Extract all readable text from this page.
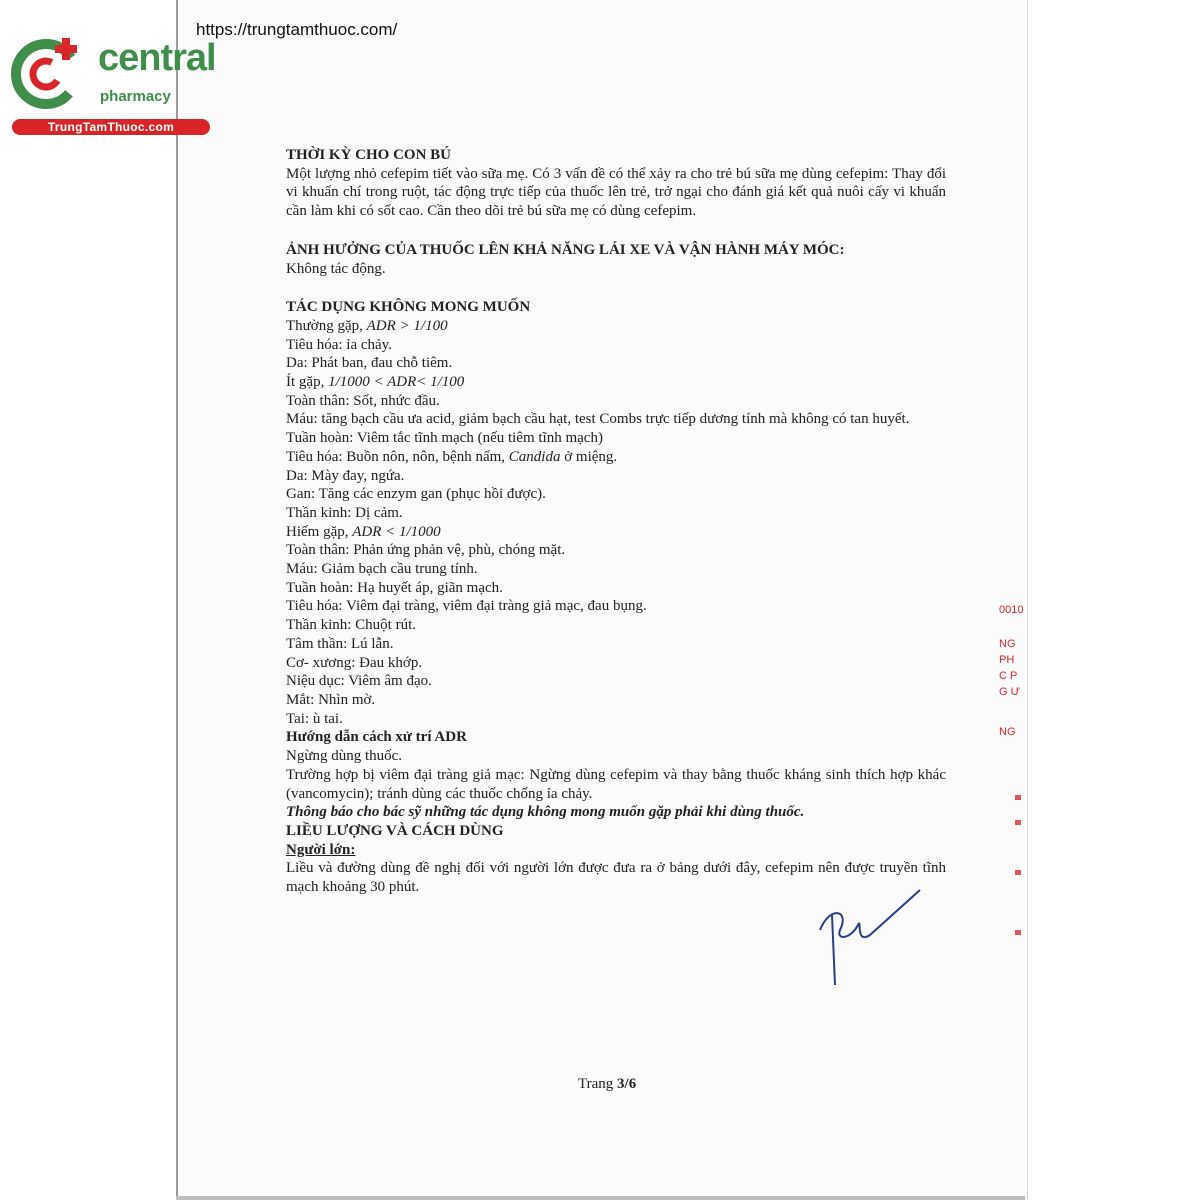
https://trungtamthuoc.com/
central
pharmacy
TrungTamThuoc.com

THỜI KỲ CHO CON BÚ

Một lượng nhỏ cefepim tiết vào sữa mẹ. Có 3 vấn đề có thể xảy ra cho trẻ bú sữa mẹ dùng cefepim: Thay đổi vi khuẩn chí trong ruột, tác động trực tiếp của thuốc lên trẻ, trở ngại cho đánh giá kết quả nuôi cấy vi khuẩn cần làm khi có sốt cao. Cần theo dõi trẻ bú sữa mẹ có dùng cefepim.

ẢNH HƯỞNG CỦA THUỐC LÊN KHẢ NĂNG LÁI XE VÀ VẬN HÀNH MÁY MÓC:

Không tác động.

TÁC DỤNG KHÔNG MONG MUỐN

Thường gặp, ADR > 1/100

Tiêu hóa: ỉa chảy.

Da: Phát ban, đau chỗ tiêm.

Ít gặp, 1/1000 < ADR< 1/100

Toàn thân: Sốt, nhức đầu.

Máu: tăng bạch cầu ưa acid, giảm bạch cầu hạt, test Combs trực tiếp dương tính mà không có tan huyết.

Tuần hoàn: Viêm tắc tĩnh mạch (nếu tiêm tĩnh mạch)

Tiêu hóa: Buồn nôn, nôn, bệnh nấm, Candida ở miệng.

Da: Mày đay, ngứa.

Gan: Tăng các enzym gan (phục hồi được).

Thần kinh: Dị cảm.

Hiếm gặp, ADR < 1/1000

Toàn thân: Phản ứng phản vệ, phù, chóng mặt.

Máu: Giảm bạch cầu trung tính.

Tuần hoàn: Hạ huyết áp, giãn mạch.

Tiêu hóa: Viêm đại tràng, viêm đại tràng giả mạc, đau bụng.

Thần kinh: Chuột rút.

Tâm thần: Lú lẫn.

Cơ- xương: Đau khớp.

Niệu dục: Viêm âm đạo.

Mắt: Nhìn mờ.

Tai: ù tai.

Hướng dẫn cách xử trí ADR

Ngừng dùng thuốc.

Trường hợp bị viêm đại tràng giả mạc: Ngừng dùng cefepim và thay bằng thuốc kháng sinh thích hợp khác (vancomycin); tránh dùng các thuốc chống ỉa chảy.

Thông báo cho bác sỹ những tác dụng không mong muốn gặp phải khi dùng thuốc.

LIỀU LƯỢNG VÀ CÁCH DÙNG

Người lớn:

Liều và đường dùng đề nghị đối với người lớn được đưa ra ở bảng dưới đây, cefepim nên được truyền tĩnh mạch khoảng 30 phút.

0010
NG
PH
C P
G Ư
NG
Trang 3/6
